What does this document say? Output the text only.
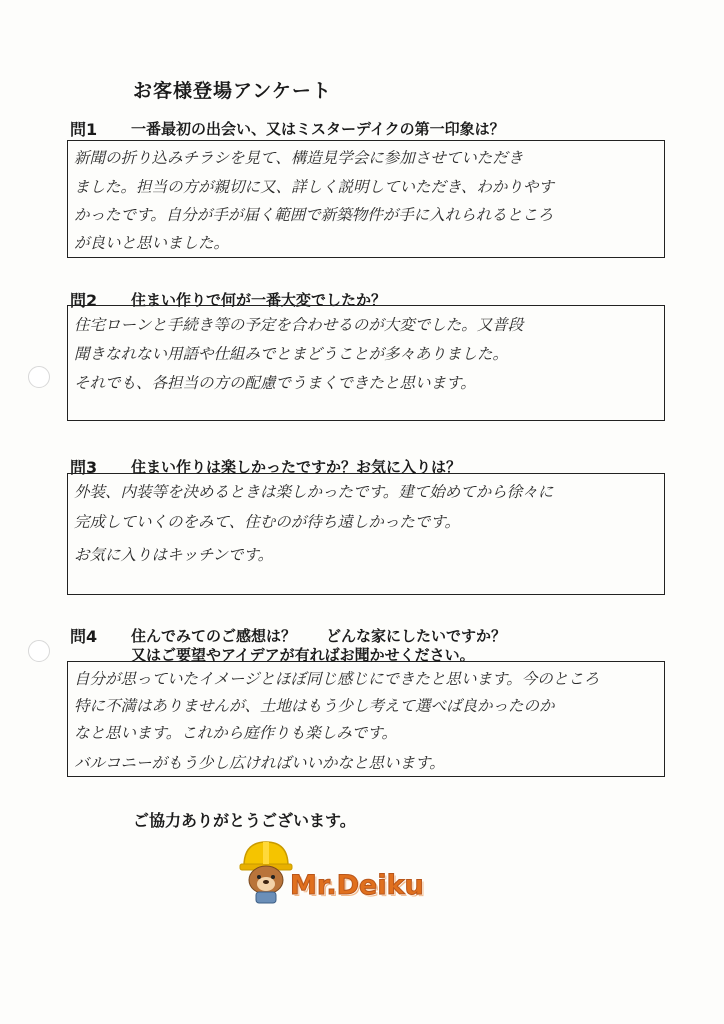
お客様登場アンケート
問1 一番最初の出会い、又はミスターデイクの第一印象は？
新聞の折り込みチラシを見て、構造見学会に参加させていただき
ました。担当の方が親切に又、詳しく説明していただき、わかりやす
かったです。自分が手が届く範囲で新築物件が手に入れられるところ
が良いと思いました。
問2 住まい作りで何が一番大変でしたか？
住宅ローンと手続き等の予定を合わせるのが大変でした。又普段
聞きなれない用語や仕組みでとまどうことが多々ありました。
それでも、各担当の方の配慮でうまくできたと思います。
問3 住まい作りは楽しかったですか？お気に入りは？
外装、内装等を決めるときは楽しかったです。建て始めてから徐々に
完成していくのをみて、住むのが待ち遠しかったです。
お気に入りはキッチンです。
問4 住んでみてのご感想は？　　どんな家にしたいですか？
又はご要望やアイデアが有ればお聞かせください。
自分が思っていたイメージとほぼ同じ感じにできたと思います。今のところ
特に不満はありませんが、土地はもう少し考えて選べば良かったのか
なと思います。これから庭作りも楽しみです。
バルコニーがもう少し広ければいいかなと思います。
ご協力ありがとうございます。
Mr.Deiku
